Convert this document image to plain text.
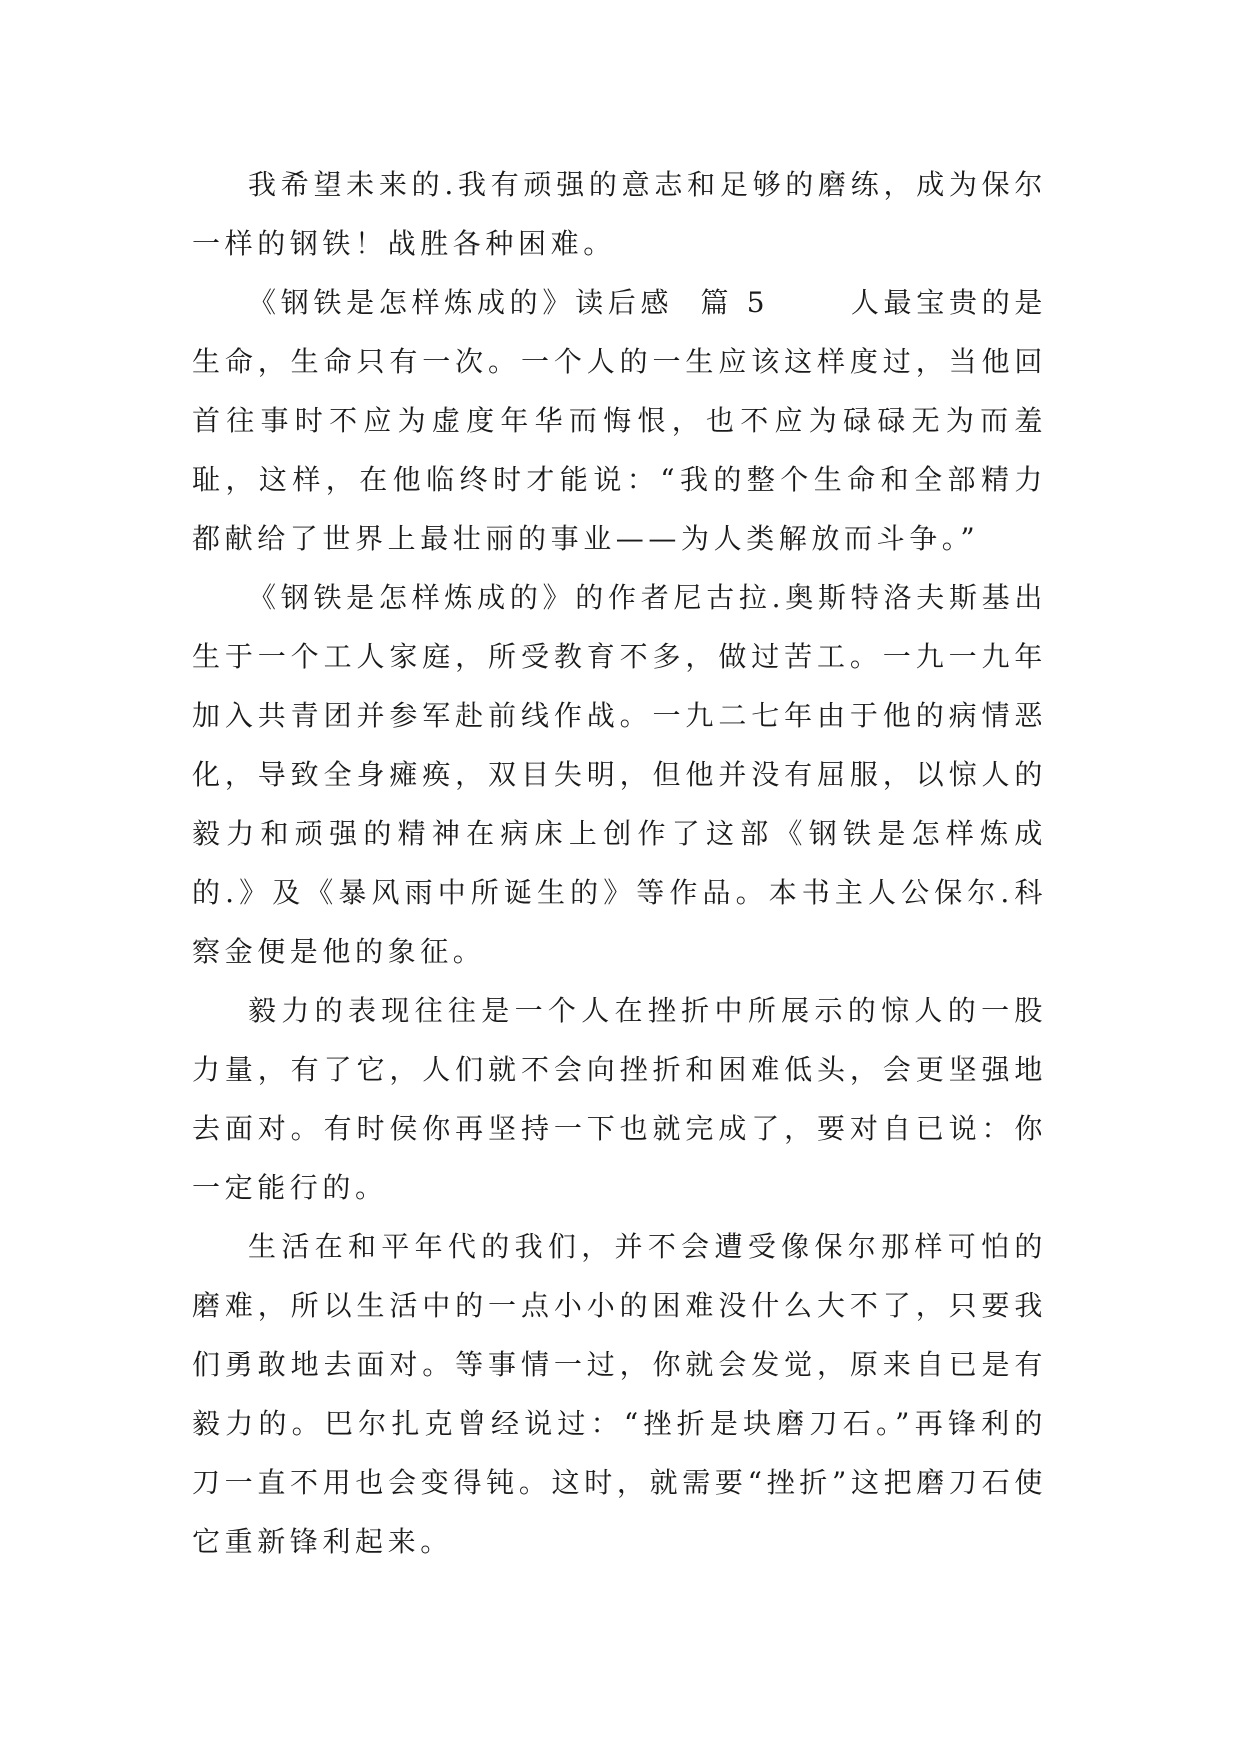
我希望未来的.我有顽强的意志和足够的磨练，成为保尔一样的钢铁！战胜各种困难。

《钢铁是怎样炼成的》读后感  篇 5      人最宝贵的是生命，生命只有一次。一个人的一生应该这样度过，当他回首往事时不应为虚度年华而悔恨，也不应为碌碌无为而羞耻，这样，在他临终时才能说：“我的整个生命和全部精力都献给了世界上最壮丽的事业——为人类解放而斗争。”

《钢铁是怎样炼成的》的作者尼古拉.奥斯特洛夫斯基出生于一个工人家庭，所受教育不多，做过苦工。一九一九年加入共青团并参军赴前线作战。一九二七年由于他的病情恶化，导致全身瘫痪，双目失明，但他并没有屈服，以惊人的毅力和顽强的精神在病床上创作了这部《钢铁是怎样炼成的.》及《暴风雨中所诞生的》等作品。本书主人公保尔.科察金便是他的象征。

毅力的表现往往是一个人在挫折中所展示的惊人的一股力量，有了它，人们就不会向挫折和困难低头，会更坚强地去面对。有时侯你再坚持一下也就完成了，要对自已说：你一定能行的。

生活在和平年代的我们，并不会遭受像保尔那样可怕的磨难，所以生活中的一点小小的困难没什么大不了，只要我们勇敢地去面对。等事情一过，你就会发觉，原来自已是有毅力的。巴尔扎克曾经说过：“挫折是块磨刀石。”再锋利的刀一直不用也会变得钝。这时，就需要“挫折”这把磨刀石使它重新锋利起来。
